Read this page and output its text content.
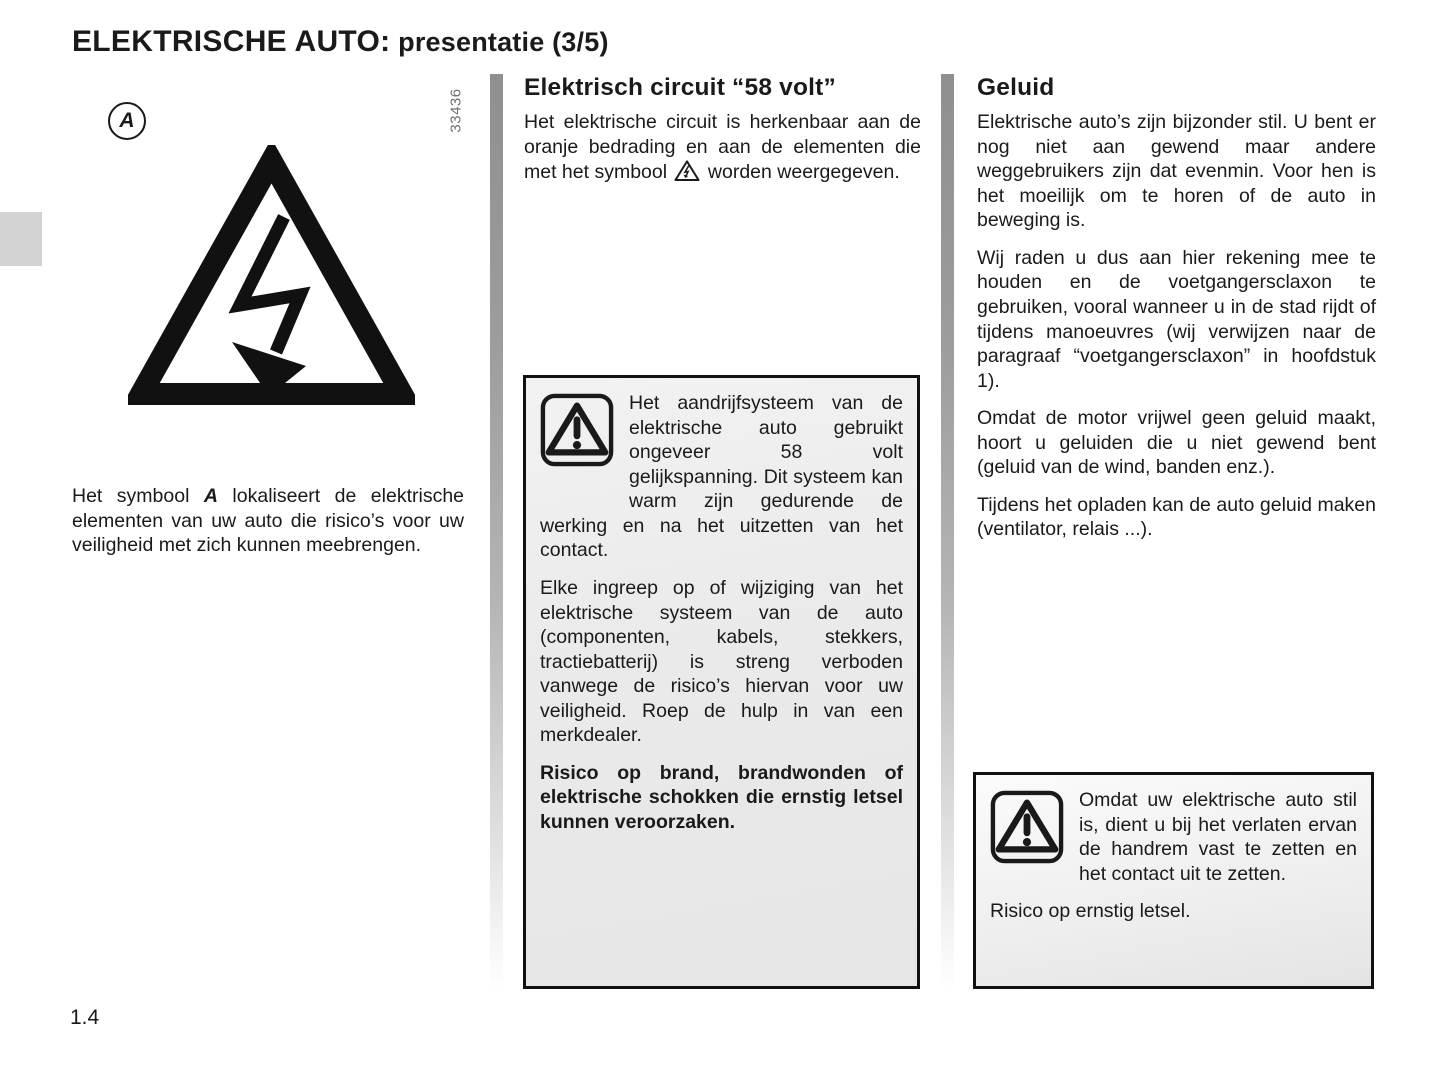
ELEKTRISCHE AUTO: presentatie (3/5)
A	33436

Het symbool A lokaliseert de elektrische elementen van uw auto die risico’s voor uw veiligheid met zich kunnen meebrengen.

Elektrisch circuit “58 volt”

Het elektrische circuit is herkenbaar aan de oranje bedrading en aan de elementen die met het symbool worden weergegeven.

Het aandrijfsysteem van de elektrische auto gebruikt ongeveer 58 volt gelijkspanning. Dit systeem kan warm zijn gedurende de werking en na het uitzetten van het contact.

Elke ingreep op of wijziging van het elektrische systeem van de auto (componenten, kabels, stekkers, tractiebatterij) is streng verboden vanwege de risico’s hiervan voor uw veiligheid. Roep de hulp in van een merkdealer.

Risico op brand, brandwonden of elektrische schokken die ernstig letsel kunnen veroorzaken.

Geluid

Elektrische auto’s zijn bijzonder stil. U bent er nog niet aan gewend maar andere weggebruikers zijn dat evenmin. Voor hen is het moeilijk om te horen of de auto in beweging is.

Wij raden u dus aan hier rekening mee te houden en de voetgangersclaxon te gebruiken, vooral wanneer u in de stad rijdt of tijdens manoeuvres (wij verwijzen naar de paragraaf “voetgangersclaxon” in hoofdstuk 1).

Omdat de motor vrijwel geen geluid maakt, hoort u geluiden die u niet gewend bent (geluid van de wind, banden enz.).

Tijdens het opladen kan de auto geluid maken (ventilator, relais ...).

Omdat uw elektrische auto stil is, dient u bij het verlaten ervan de handrem vast te zetten en het contact uit te zetten.

Risico op ernstig letsel.

1.4
